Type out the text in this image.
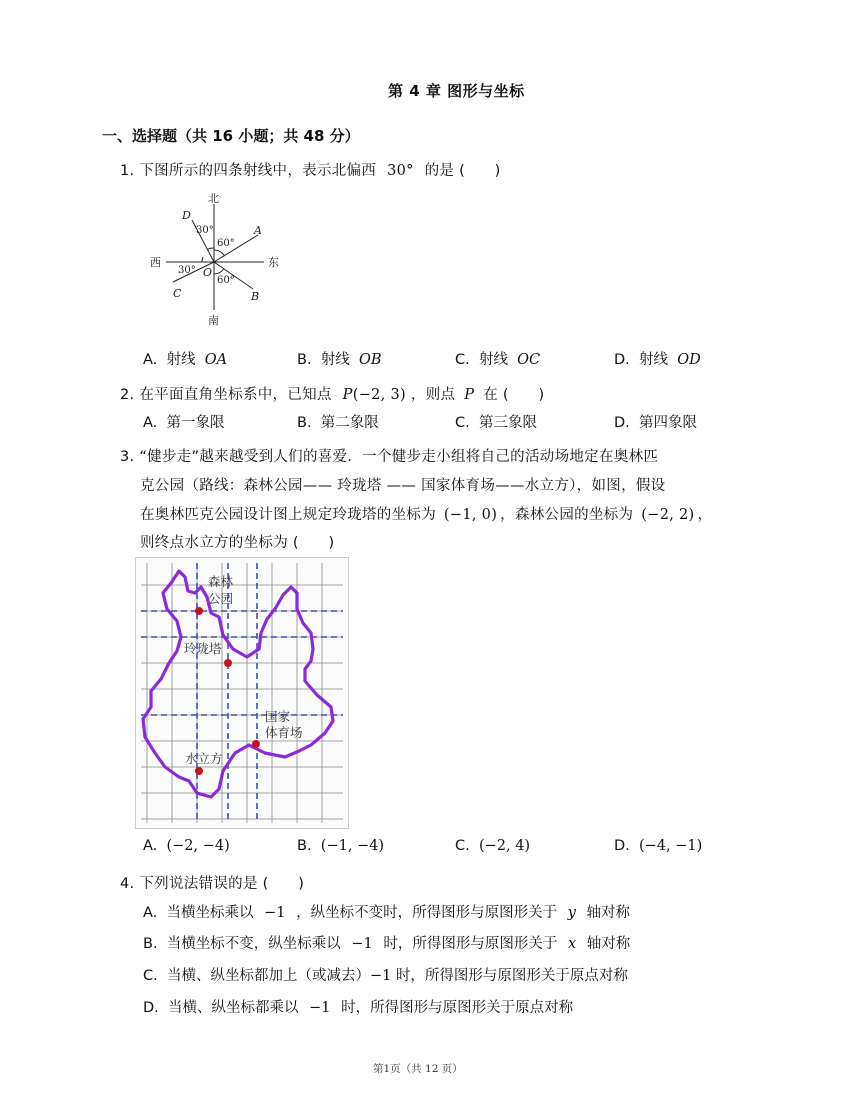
第 4 章 图形与坐标
一、选择题（共 16 小题；共 48 分）
1. 下图所示的四条射线中，表示北偏西 30° 的是 (　　)
北
南
东
西
D
A
C	B
O
30°
60°
30°
60°
A. 射线 OA	B. 射线 OB	C. 射线 OC	D. 射线 OD
2. 在平面直角坐标系中，已知点 P(−2, 3) ，则点 P 在 (　　)
A. 第一象限	B. 第二象限	C. 第三象限	D. 第四象限
3. “健步走”越来越受到人们的喜爱．一个健步走小组将自己的活动场地定在奥林匹
克公园（路线：森林公园—— 玲珑塔 —— 国家体育场——水立方），如图，假设
在奥林匹克公园设计图上规定玲珑塔的坐标为 (−1, 0) ，森林公园的坐标为 (−2, 2) ，
则终点水立方的坐标为 (　　)
森林
公园
玲珑塔
国家
体育场
水立方
A. (−2, −4)	B. (−1, −4)	C. (−2, 4)	D. (−4, −1)
4. 下列说法错误的是 (　　)
A. 当横坐标乘以 −1 ，纵坐标不变时，所得图形与原图形关于 y 轴对称
B. 当横坐标不变，纵坐标乘以 −1 时，所得图形与原图形关于 x 轴对称
C. 当横、纵坐标都加上（或减去）−1 时，所得图形与原图形关于原点对称
D. 当横、纵坐标都乘以 −1 时，所得图形与原图形关于原点对称
第1页（共 12 页）
